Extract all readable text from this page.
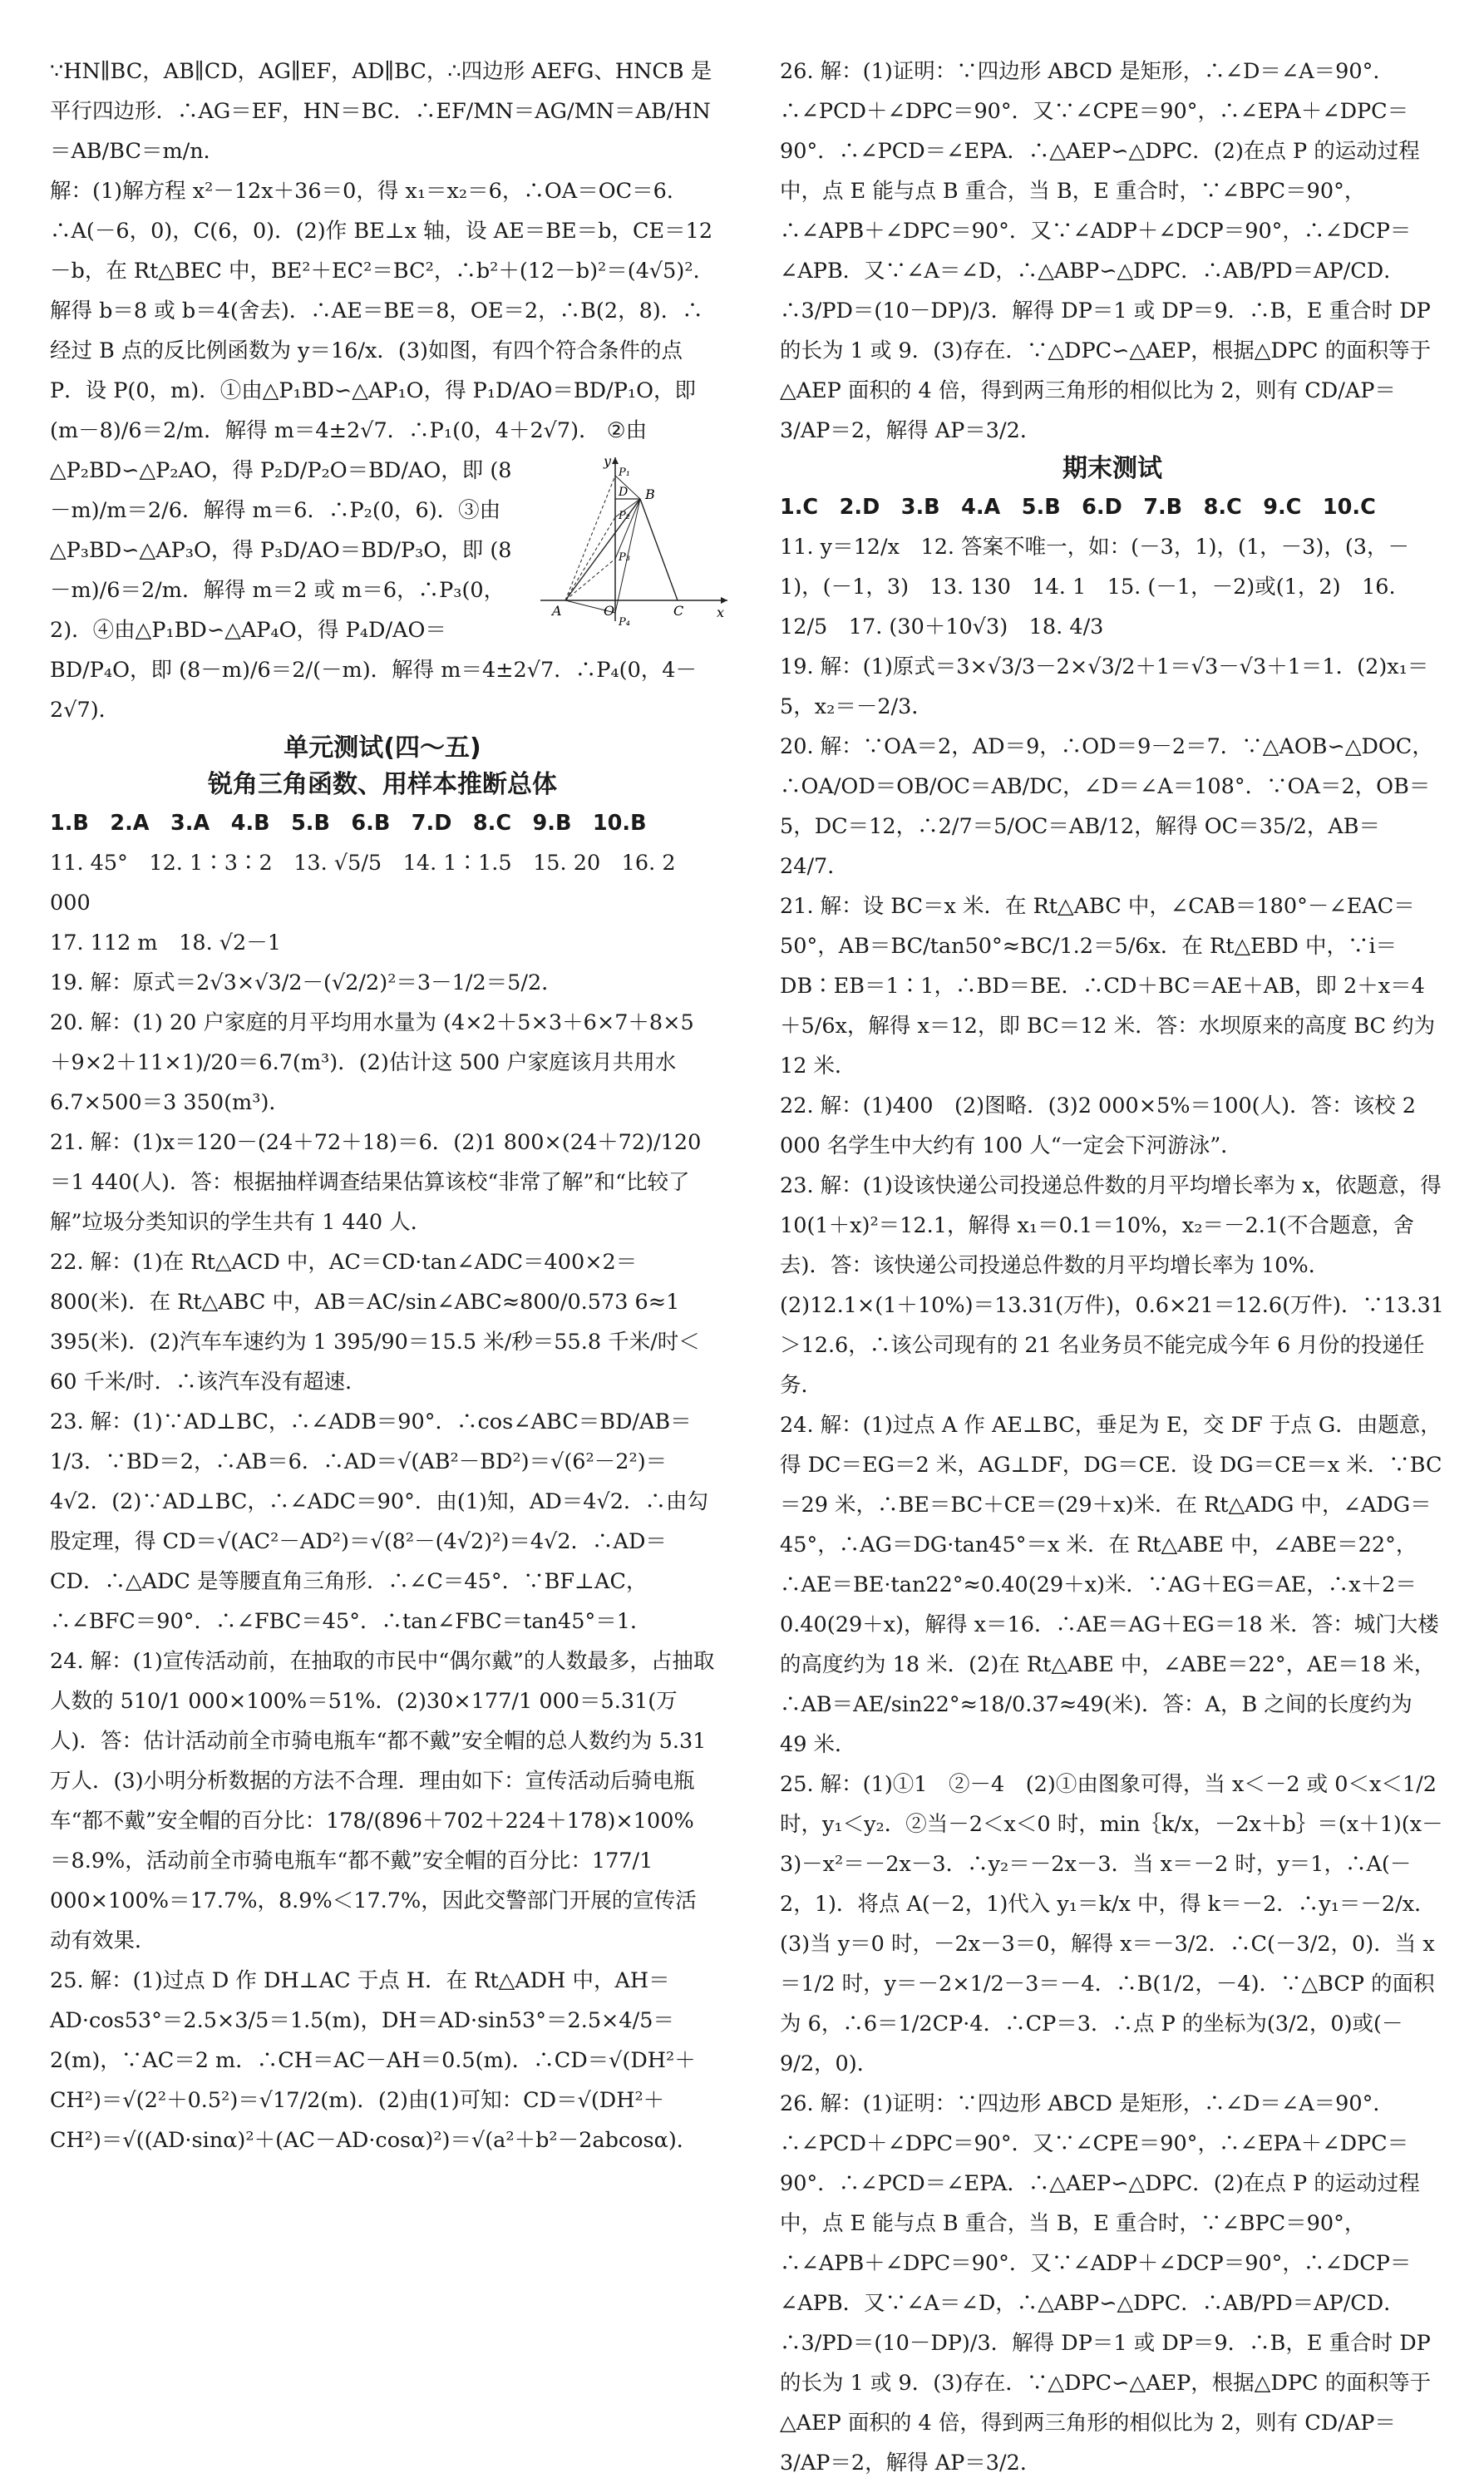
∵HN∥BC，AB∥CD，AG∥EF，AD∥BC，∴四边形 AEFG、HNCB 是平行四边形．∴AG＝EF，HN＝BC．∴EF/MN＝AG/MN＝AB/HN＝AB/BC＝m/n．

解：(1)解方程 x²－12x＋36＝0，得 x₁＝x₂＝6，∴OA＝OC＝6．∴A(－6，0)，C(6，0)．(2)作 BE⊥x 轴，设 AE＝BE＝b，CE＝12－b，在 Rt△BEC 中，BE²＋EC²＝BC²，∴b²＋(12－b)²＝(4√5)²．解得 b＝8 或 b＝4(舍去)．∴AE＝BE＝8，OE＝2，∴B(2，8)．∴经过 B 点的反比例函数为 y＝16/x．(3)如图，有四个符合条件的点 P．设 P(0，m)．①由△P₁BD∽△AP₁O，得 P₁D/AO＝BD/P₁O，即 (m－8)/6＝2/m．解得 m＝4±2√7．∴P₁(0，4＋2√7)．
y
x
A	O	C
B
D
P₁
P₂
P₃
P₄
②由△P₂BD∽△P₂AO，得 P₂D/P₂O＝BD/AO，即 (8－m)/m＝2/6．解得 m＝6．∴P₂(0，6)．③由△P₃BD∽△AP₃O，得 P₃D/AO＝BD/P₃O，即 (8－m)/6＝2/m．解得 m＝2 或 m＝6，∴P₃(0，2)．④由△P₁BD∽△AP₄O，得 P₄D/AO＝BD/P₄O，即 (8－m)/6＝2/(－m)．解得 m＝4±2√7．∴P₄(0，4－2√7)．

单元测试(四～五)

锐角三角函数、用样本推断总体

1.B　2.A　3.A　4.B　5.B　6.B　7.D　8.C　9.B　10.B

11. 45°　12. 1∶3∶2　13. √5/5　14. 1∶1.5　15. 20　16. 2 000

17. 112 m　18. √2－1

19. 解：原式＝2√3×√3/2－(√2/2)²＝3－1/2＝5/2．

20. 解：(1) 20 户家庭的月平均用水量为 (4×2＋5×3＋6×7＋8×5＋9×2＋11×1)/20＝6.7(m³)．(2)估计这 500 户家庭该月共用水 6.7×500＝3 350(m³)．

21. 解：(1)x＝120－(24＋72＋18)＝6．(2)1 800×(24＋72)/120＝1 440(人)．答：根据抽样调查结果估算该校“非常了解”和“比较了解”垃圾分类知识的学生共有 1 440 人．

22. 解：(1)在 Rt△ACD 中，AC＝CD·tan∠ADC＝400×2＝800(米)．在 Rt△ABC 中，AB＝AC/sin∠ABC≈800/0.573 6≈1 395(米)．(2)汽车车速约为 1 395/90＝15.5 米/秒＝55.8 千米/时＜60 千米/时．∴该汽车没有超速．

23. 解：(1)∵AD⊥BC，∴∠ADB＝90°．∴cos∠ABC＝BD/AB＝1/3．∵BD＝2，∴AB＝6．∴AD＝√(AB²－BD²)＝√(6²－2²)＝4√2．(2)∵AD⊥BC，∴∠ADC＝90°．由(1)知，AD＝4√2．∴由勾股定理，得 CD＝√(AC²－AD²)＝√(8²－(4√2)²)＝4√2．∴AD＝CD．∴△ADC 是等腰直角三角形．∴∠C＝45°．∵BF⊥AC，∴∠BFC＝90°．∴∠FBC＝45°．∴tan∠FBC＝tan45°＝1．

24. 解：(1)宣传活动前，在抽取的市民中“偶尔戴”的人数最多，占抽取人数的 510/1 000×100%＝51%．(2)30×177/1 000＝5.31(万人)．答：估计活动前全市骑电瓶车“都不戴”安全帽的总人数约为 5.31 万人．(3)小明分析数据的方法不合理．理由如下：宣传活动后骑电瓶车“都不戴”安全帽的百分比：178/(896＋702＋224＋178)×100%＝8.9%，活动前全市骑电瓶车“都不戴”安全帽的百分比：177/1 000×100%＝17.7%，8.9%＜17.7%，因此交警部门开展的宣传活动有效果．

25. 解：(1)过点 D 作 DH⊥AC 于点 H．在 Rt△ADH 中，AH＝AD·cos53°＝2.5×3/5＝1.5(m)，DH＝AD·sin53°＝2.5×4/5＝2(m)，∵AC＝2 m．∴CH＝AC－AH＝0.5(m)．∴CD＝√(DH²＋CH²)＝√(2²＋0.5²)＝√17/2(m)．(2)由(1)可知：CD＝√(DH²＋CH²)＝√((AD·sinα)²＋(AC－AD·cosα)²)＝√(a²＋b²－2abcosα)．

26. 解：(1)证明：∵四边形 ABCD 是矩形，∴∠D＝∠A＝90°．∴∠PCD＋∠DPC＝90°．又∵∠CPE＝90°，∴∠EPA＋∠DPC＝90°．∴∠PCD＝∠EPA．∴△AEP∽△DPC．(2)在点 P 的运动过程中，点 E 能与点 B 重合，当 B，E 重合时，∵∠BPC＝90°，∴∠APB＋∠DPC＝90°．又∵∠ADP＋∠DCP＝90°，∴∠DCP＝∠APB．又∵∠A＝∠D，∴△ABP∽△DPC．∴AB/PD＝AP/CD．∴3/PD＝(10－DP)/3．解得 DP＝1 或 DP＝9．∴B，E 重合时 DP 的长为 1 或 9．(3)存在．∵△DPC∽△AEP，根据△DPC 的面积等于△AEP 面积的 4 倍，得到两三角形的相似比为 2，则有 CD/AP＝3/AP＝2，解得 AP＝3/2．

期末测试

1.C　2.D　3.B　4.A　5.B　6.D　7.B　8.C　9.C　10.C

11. y＝12/x　12. 答案不唯一，如：(－3，1)，(1，－3)，(3，－1)，(－1，3)　13. 130　14. 1　15. (－1，－2)或(1，2)　16. 12/5　17. (30＋10√3)　18. 4/3

19. 解：(1)原式＝3×√3/3－2×√3/2＋1＝√3－√3＋1＝1．(2)x₁＝5，x₂＝－2/3．

20. 解：∵OA＝2，AD＝9，∴OD＝9－2＝7．∵△AOB∽△DOC，∴OA/OD＝OB/OC＝AB/DC，∠D＝∠A＝108°．∵OA＝2，OB＝5，DC＝12，∴2/7＝5/OC＝AB/12，解得 OC＝35/2，AB＝24/7．

21. 解：设 BC＝x 米．在 Rt△ABC 中，∠CAB＝180°－∠EAC＝50°，AB＝BC/tan50°≈BC/1.2＝5/6x．在 Rt△EBD 中，∵i＝DB∶EB＝1∶1，∴BD＝BE．∴CD＋BC＝AE＋AB，即 2＋x＝4＋5/6x，解得 x＝12，即 BC＝12 米．答：水坝原来的高度 BC 约为 12 米．

22. 解：(1)400　(2)图略．(3)2 000×5%＝100(人)．答：该校 2 000 名学生中大约有 100 人“一定会下河游泳”．

23. 解：(1)设该快递公司投递总件数的月平均增长率为 x，依题意，得10(1＋x)²＝12.1，解得 x₁＝0.1＝10%，x₂＝－2.1(不合题意，舍去)．答：该快递公司投递总件数的月平均增长率为 10%．(2)12.1×(1＋10%)＝13.31(万件)，0.6×21＝12.6(万件)．∵13.31＞12.6，∴该公司现有的 21 名业务员不能完成今年 6 月份的投递任务．

24. 解：(1)过点 A 作 AE⊥BC，垂足为 E，交 DF 于点 G．由题意，得 DC＝EG＝2 米，AG⊥DF，DG＝CE．设 DG＝CE＝x 米．∵BC＝29 米，∴BE＝BC＋CE＝(29＋x)米．在 Rt△ADG 中，∠ADG＝45°，∴AG＝DG·tan45°＝x 米．在 Rt△ABE 中，∠ABE＝22°，∴AE＝BE·tan22°≈0.40(29＋x)米．∵AG＋EG＝AE，∴x＋2＝0.40(29＋x)，解得 x＝16．∴AE＝AG＋EG＝18 米．答：城门大楼的高度约为 18 米．(2)在 Rt△ABE 中，∠ABE＝22°，AE＝18 米，∴AB＝AE/sin22°≈18/0.37≈49(米)．答：A，B 之间的长度约为 49 米．

25. 解：(1)①1　②－4　(2)①由图象可得，当 x＜－2 或 0＜x＜1/2 时，y₁＜y₂．②当－2＜x＜0 时，min｛k/x，－2x＋b｝＝(x＋1)(x－3)－x²＝－2x－3．∴y₂＝－2x－3．当 x＝－2 时，y＝1，∴A(－2，1)．将点 A(－2，1)代入 y₁＝k/x 中，得 k＝－2．∴y₁＝－2/x．(3)当 y＝0 时，－2x－3＝0，解得 x＝－3/2．∴C(－3/2，0)．当 x＝1/2 时，y＝－2×1/2－3＝－4．∴B(1/2，－4)．∵△BCP 的面积为 6，∴6＝1/2CP·4．∴CP＝3．∴点 P 的坐标为(3/2，0)或(－9/2，0)．

26. 解：(1)证明：∵四边形 ABCD 是矩形，∴∠D＝∠A＝90°．∴∠PCD＋∠DPC＝90°．又∵∠CPE＝90°，∴∠EPA＋∠DPC＝90°．∴∠PCD＝∠EPA．∴△AEP∽△DPC．(2)在点 P 的运动过程中，点 E 能与点 B 重合，当 B，E 重合时，∵∠BPC＝90°，∴∠APB＋∠DPC＝90°．又∵∠ADP＋∠DCP＝90°，∴∠DCP＝∠APB．又∵∠A＝∠D，∴△ABP∽△DPC．∴AB/PD＝AP/CD．∴3/PD＝(10－DP)/3．解得 DP＝1 或 DP＝9．∴B，E 重合时 DP 的长为 1 或 9．(3)存在．∵△DPC∽△AEP，根据△DPC 的面积等于△AEP 面积的 4 倍，得到两三角形的相似比为 2，则有 CD/AP＝3/AP＝2，解得 AP＝3/2．
